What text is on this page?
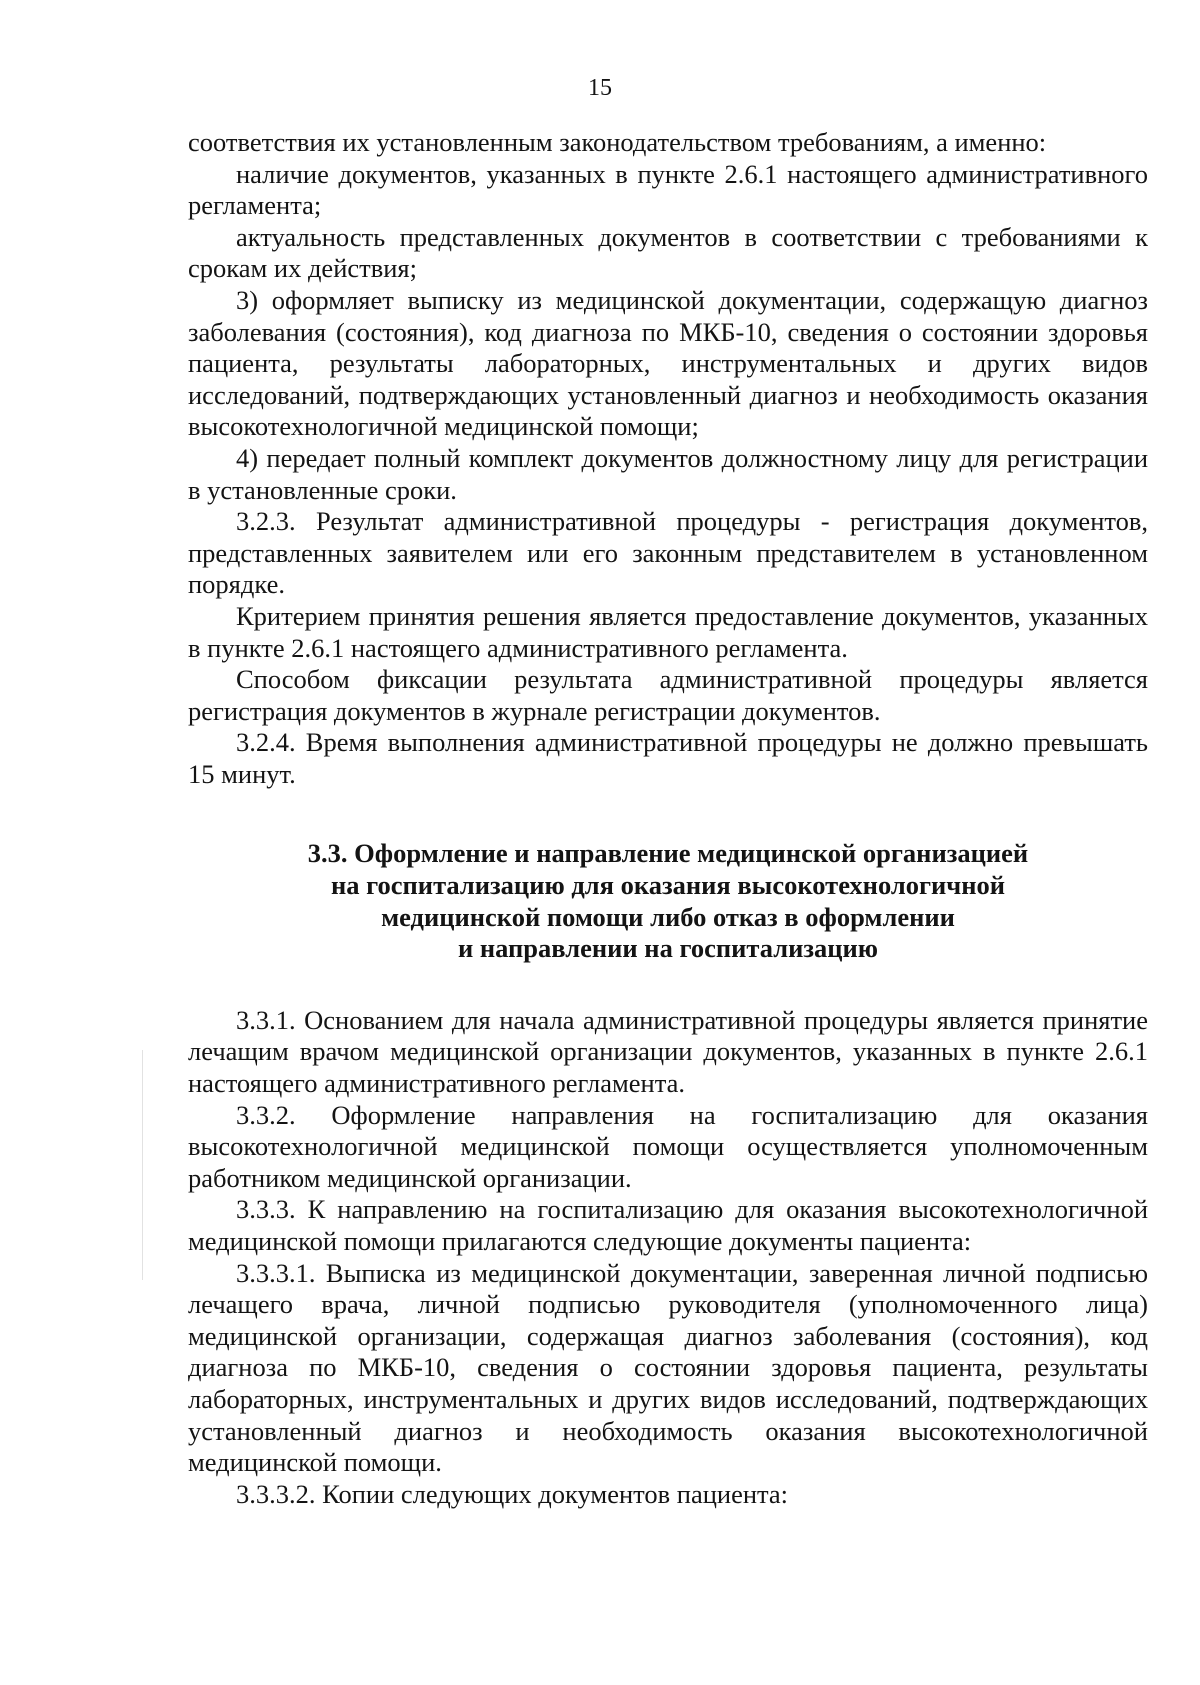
15

соответствия их установленным законодательством требованиям, а именно:

наличие документов, указанных в пункте 2.6.1 настоящего административного регламента;

актуальность представленных документов в соответствии с требованиями к срокам их действия;

3) оформляет выписку из медицинской документации, содержащую диагноз заболевания (состояния), код диагноза по МКБ-10, сведения о состоянии здоровья пациента, результаты лабораторных, инструментальных и других видов исследований, подтверждающих установленный диагноз и необходимость оказания высокотехнологичной медицинской помощи;

4) передает полный комплект документов должностному лицу для регистрации в установленные сроки.

3.2.3. Результат административной процедуры - регистрация документов, представленных заявителем или его законным представителем в установленном порядке.

Критерием принятия решения является предоставление документов, указанных в пункте 2.6.1 настоящего административного регламента.

Способом фиксации результата административной процедуры является регистрация документов в журнале регистрации документов.

3.2.4. Время выполнения административной процедуры не должно превышать 15 минут.

3.3. Оформление и направление медицинской организацией
на госпитализацию для оказания высокотехнологичной
медицинской помощи либо отказ в оформлении
и направлении на госпитализацию

3.3.1. Основанием для начала административной процедуры является принятие лечащим врачом медицинской организации документов, указанных в пункте 2.6.1 настоящего административного регламента.

3.3.2. Оформление направления на госпитализацию для оказания высокотехнологичной медицинской помощи осуществляется уполномоченным работником медицинской организации.

3.3.3. К направлению на госпитализацию для оказания высокотехнологичной медицинской помощи прилагаются следующие документы пациента:

3.3.3.1. Выписка из медицинской документации, заверенная личной подписью лечащего врача, личной подписью руководителя (уполномоченного лица) медицинской организации, содержащая диагноз заболевания (состояния), код диагноза по МКБ-10, сведения о состоянии здоровья пациента, результаты лабораторных, инструментальных и других видов исследований, подтверждающих установленный диагноз и необходимость оказания высокотехнологичной медицинской помощи.

3.3.3.2. Копии следующих документов пациента:
